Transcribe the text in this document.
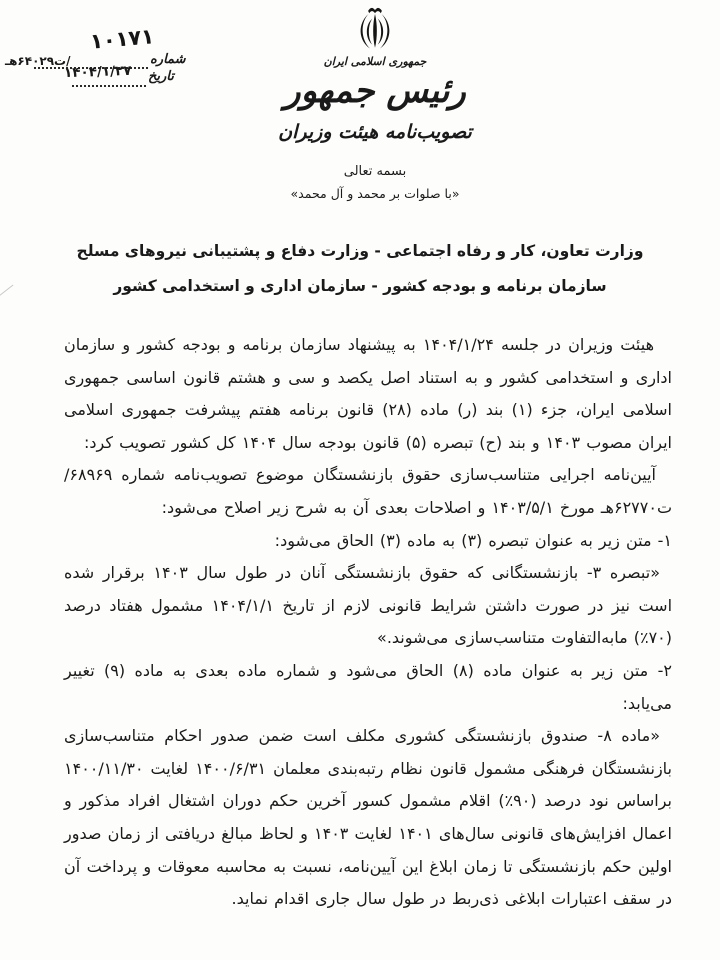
۱۰۱۷۱
شماره
/ت۶۴۰۲۹هـ
تاریخ
۱۴۰۴/۱/۲۷
جمهوری اسلامی ایران
رئیس جمهور
تصویب‌نامه هیئت وزیران
بسمه تعالی
«با صلوات بر محمد و آل محمد»
وزارت تعاون، کار و رفاه اجتماعی - وزارت دفاع و پشتیبانی نیروهای مسلح
سازمان برنامه و بودجه کشور - سازمان اداری و استخدامی کشور

هیئت وزیران در جلسه ۱۴۰۴/۱/۲۴ به پیشنهاد سازمان برنامه و بودجه کشور و سازمان اداری و استخدامی کشور و به استناد اصل یکصد و سی و هشتم قانون اساسی جمهوری اسلامی ایران، جزء (۱) بند (ر) ماده (۲۸) قانون برنامه هفتم پیشرفت جمهوری اسلامی ایران مصوب ۱۴۰۳ و بند (ح) تبصره (۵) قانون بودجه سال ۱۴۰۴ کل کشور تصویب کرد:

آیین‌نامه اجرایی متناسب‌سازی حقوق بازنشستگان موضوع تصویب‌نامه شماره ۶۸۹۶۹/ت۶۲۷۷۰هـ مورخ ۱۴۰۳/۵/۱ و اصلاحات بعدی آن به شرح زیر اصلاح می‌شود:

۱- متن زیر به عنوان تبصره (۳) به ماده (۳) الحاق می‌شود:

«تبصره ۳- بازنشستگانی که حقوق بازنشستگی آنان در طول سال ۱۴۰۳ برقرار شده است نیز در صورت داشتن شرایط قانونی لازم از تاریخ ۱۴۰۴/۱/۱ مشمول هفتاد درصد (۷۰٪) مابه‌التفاوت متناسب‌سازی می‌شوند.»

۲- متن زیر به عنوان ماده (۸) الحاق می‌شود و شماره ماده بعدی به ماده (۹) تغییر می‌یابد:

«ماده ۸- صندوق بازنشستگی کشوری مکلف است ضمن صدور احکام متناسب‌سازی بازنشستگان فرهنگی مشمول قانون نظام رتبه‌بندی معلمان ۱۴۰۰/۶/۳۱ لغایت ۱۴۰۰/۱۱/۳۰ براساس نود درصد (۹۰٪) اقلام مشمول کسور آخرین حکم دوران اشتغال افراد مذکور و اعمال افزایش‌های قانونی سال‌های ۱۴۰۱ لغایت ۱۴۰۳ و لحاظ مبالغ دریافتی از زمان صدور اولین حکم بازنشستگی تا زمان ابلاغ این آیین‌نامه، نسبت به محاسبه معوقات و پرداخت آن در سقف اعتبارات ابلاغی ذی‌ربط در طول سال جاری اقدام نماید.
